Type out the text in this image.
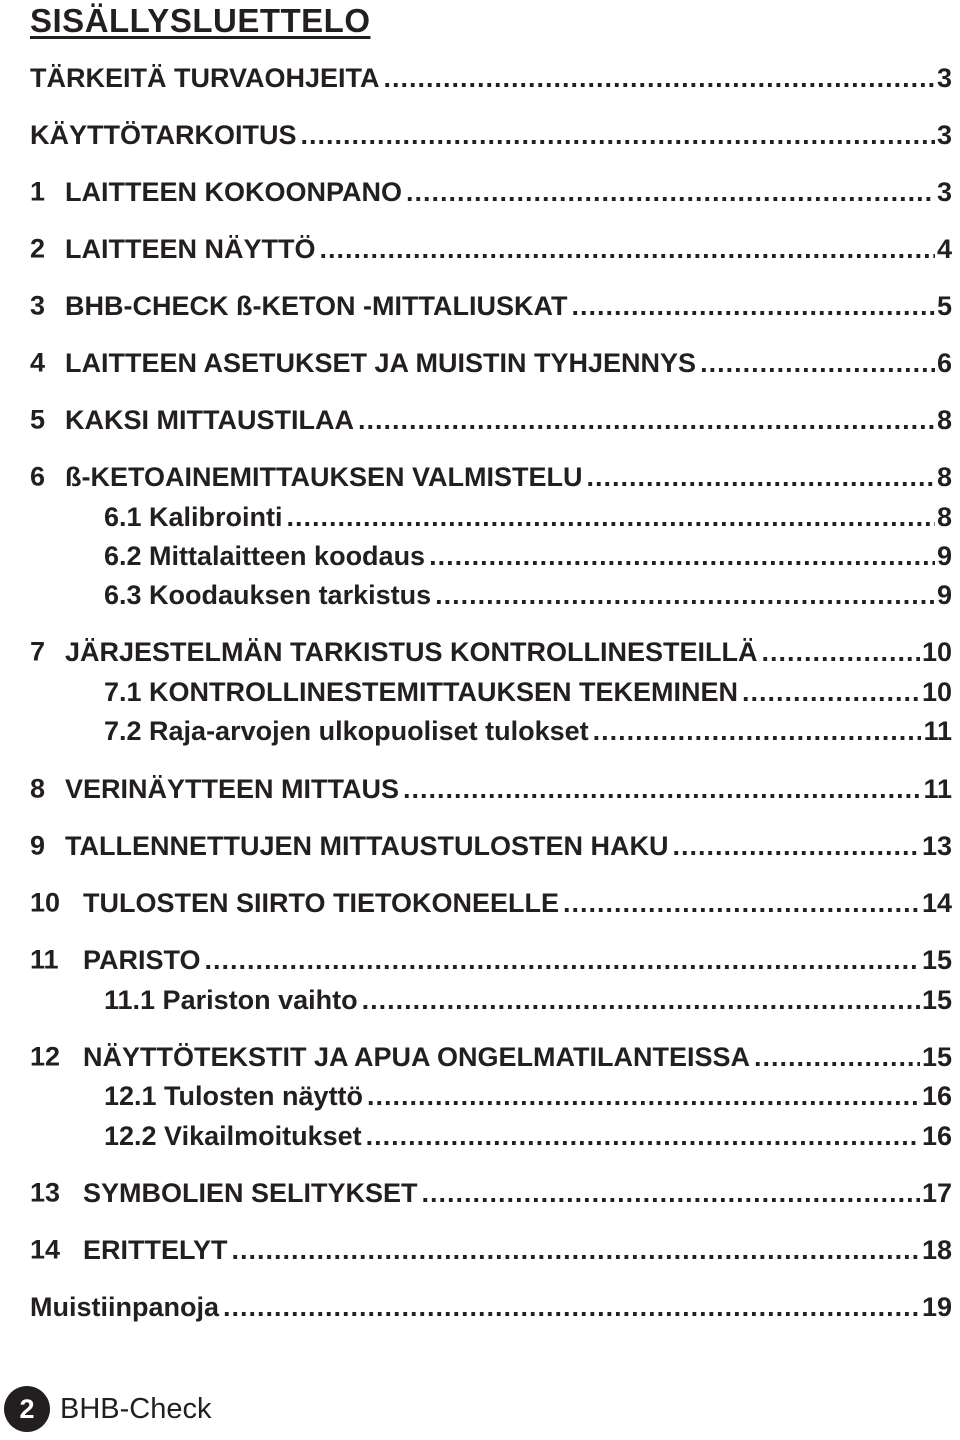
SISÄLLYSLUETTELO
TÄRKEITÄ TURVAOHJEITA .....	3
KÄYTTÖTARKOITUS .....	3
1 LAITTEEN KOKOONPANO .....	3
2 LAITTEEN NÄYTTÖ .....	4
3 BHB-CHECK ß-KETON -MITTALIUSKAT .....	5
4 LAITTEEN ASETUKSET JA MUISTIN TYHJENNYS .....	6
5 KAKSI MITTAUSTILAA .....	8
6 ß-KETOAINEMITTAUKSEN VALMISTELU .....	8
6.1 Kalibrointi .....	8
6.2 Mittalaitteen koodaus .....	9
6.3 Koodauksen tarkistus .....	9
7 JÄRJESTELMÄN TARKISTUS KONTROLLINESTEILLÄ .....	10
7.1 KONTROLLINESTEMITTAUKSEN TEKEMINEN .....	10
7.2 Raja-arvojen ulkopuoliset tulokset .....	11
8 VERINÄYTTEEN MITTAUS .....	11
9 TALLENNETTUJEN MITTAUSTULOSTEN HAKU .....	13
10 TULOSTEN SIIRTO TIETOKONEELLE .....	14
11 PARISTO .....	15
11.1 Pariston vaihto .....	15
12 NÄYTTÖTEKSTIT JA APUA ONGELMATILANTEISSA .....	15
12.1 Tulosten näyttö .....	16
12.2 Vikailmoitukset .....	16
13 SYMBOLIEN SELITYKSET .....	17
14 ERITTELYT .....	18
Muistiinpanoja .....	19
2 BHB-Check
